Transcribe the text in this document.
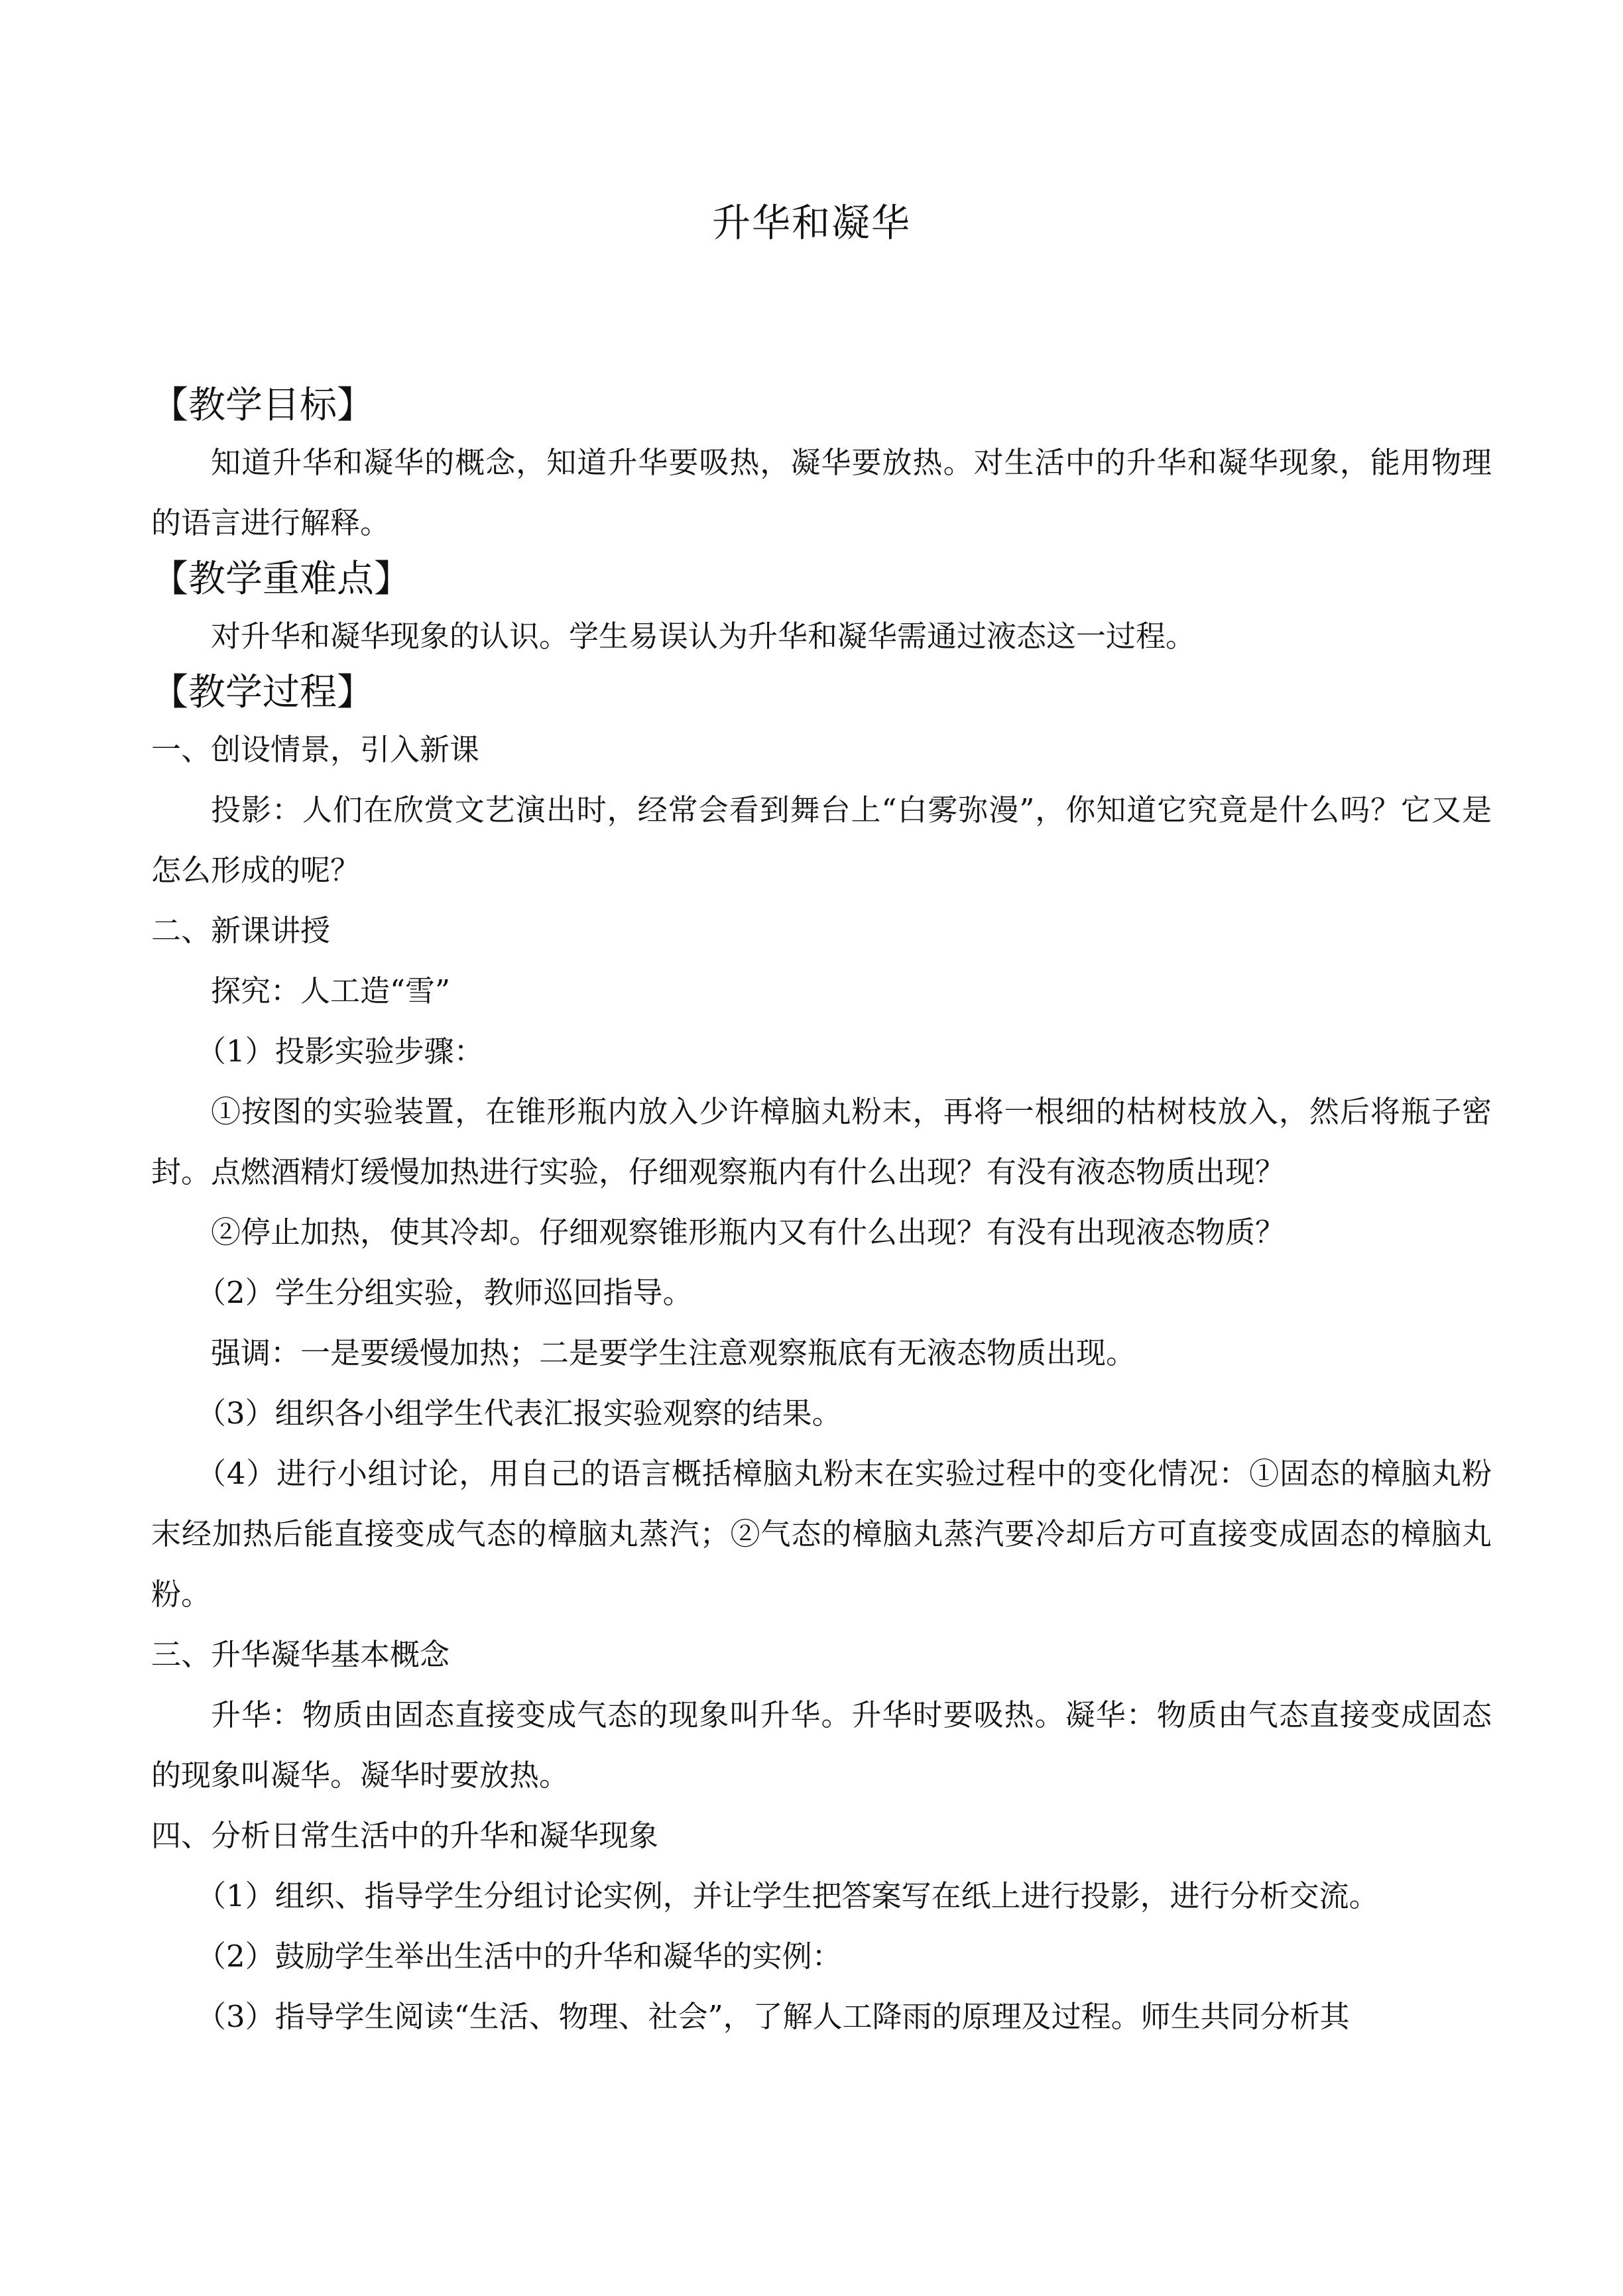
升华和凝华
【教学目标】
知道升华和凝华的概念，知道升华要吸热，凝华要放热。对生活中的升华和凝华现象，能用物理的语言进行解释。
【教学重难点】
对升华和凝华现象的认识。学生易误认为升华和凝华需通过液态这一过程。
【教学过程】
一、创设情景，引入新课
投影：人们在欣赏文艺演出时，经常会看到舞台上“白雾弥漫”，你知道它究竟是什么吗？它又是怎么形成的呢？
二、新课讲授
探究：人工造“雪”
（1）投影实验步骤：
①按图的实验装置，在锥形瓶内放入少许樟脑丸粉末，再将一根细的枯树枝放入，然后将瓶子密封。点燃酒精灯缓慢加热进行实验，仔细观察瓶内有什么出现？有没有液态物质出现？
②停止加热，使其冷却。仔细观察锥形瓶内又有什么出现？有没有出现液态物质？
（2）学生分组实验，教师巡回指导。
强调：一是要缓慢加热；二是要学生注意观察瓶底有无液态物质出现。
（3）组织各小组学生代表汇报实验观察的结果。
（4）进行小组讨论，用自己的语言概括樟脑丸粉末在实验过程中的变化情况：①固态的樟脑丸粉末经加热后能直接变成气态的樟脑丸蒸汽；②气态的樟脑丸蒸汽要冷却后方可直接变成固态的樟脑丸粉。
三、升华凝华基本概念
升华：物质由固态直接变成气态的现象叫升华。升华时要吸热。凝华：物质由气态直接变成固态的现象叫凝华。凝华时要放热。
四、分析日常生活中的升华和凝华现象
（1）组织、指导学生分组讨论实例，并让学生把答案写在纸上进行投影，进行分析交流。
（2）鼓励学生举出生活中的升华和凝华的实例：
（3）指导学生阅读“生活、物理、社会”，了解人工降雨的原理及过程。师生共同分析其
